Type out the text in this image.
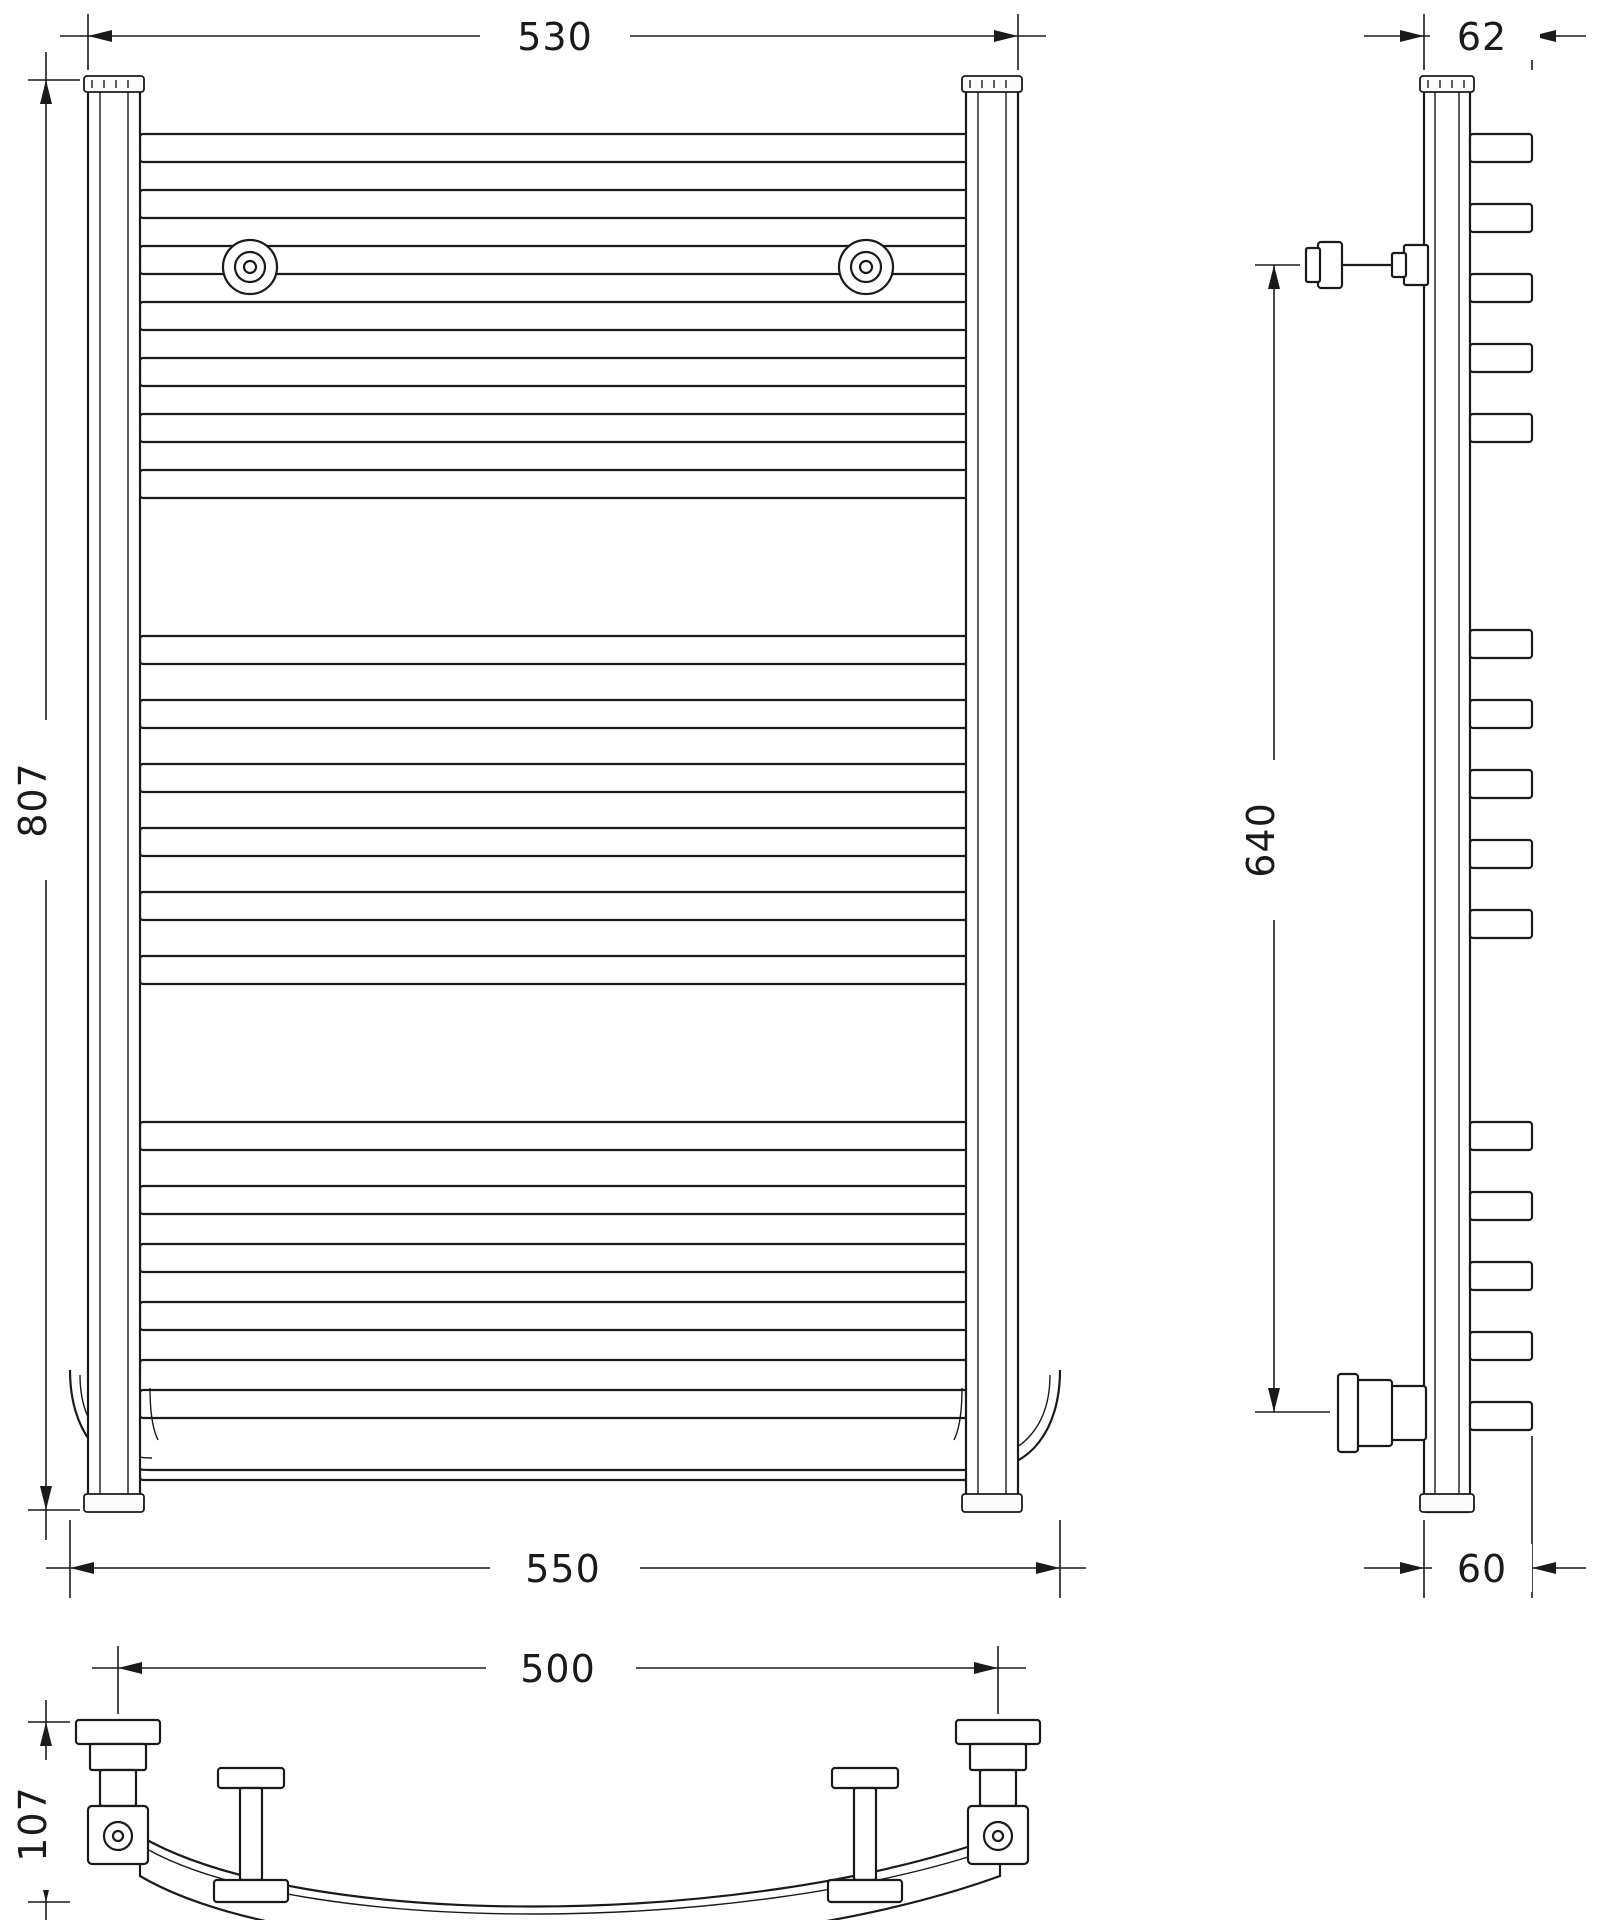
530
807
550
62
640
60
500
107
